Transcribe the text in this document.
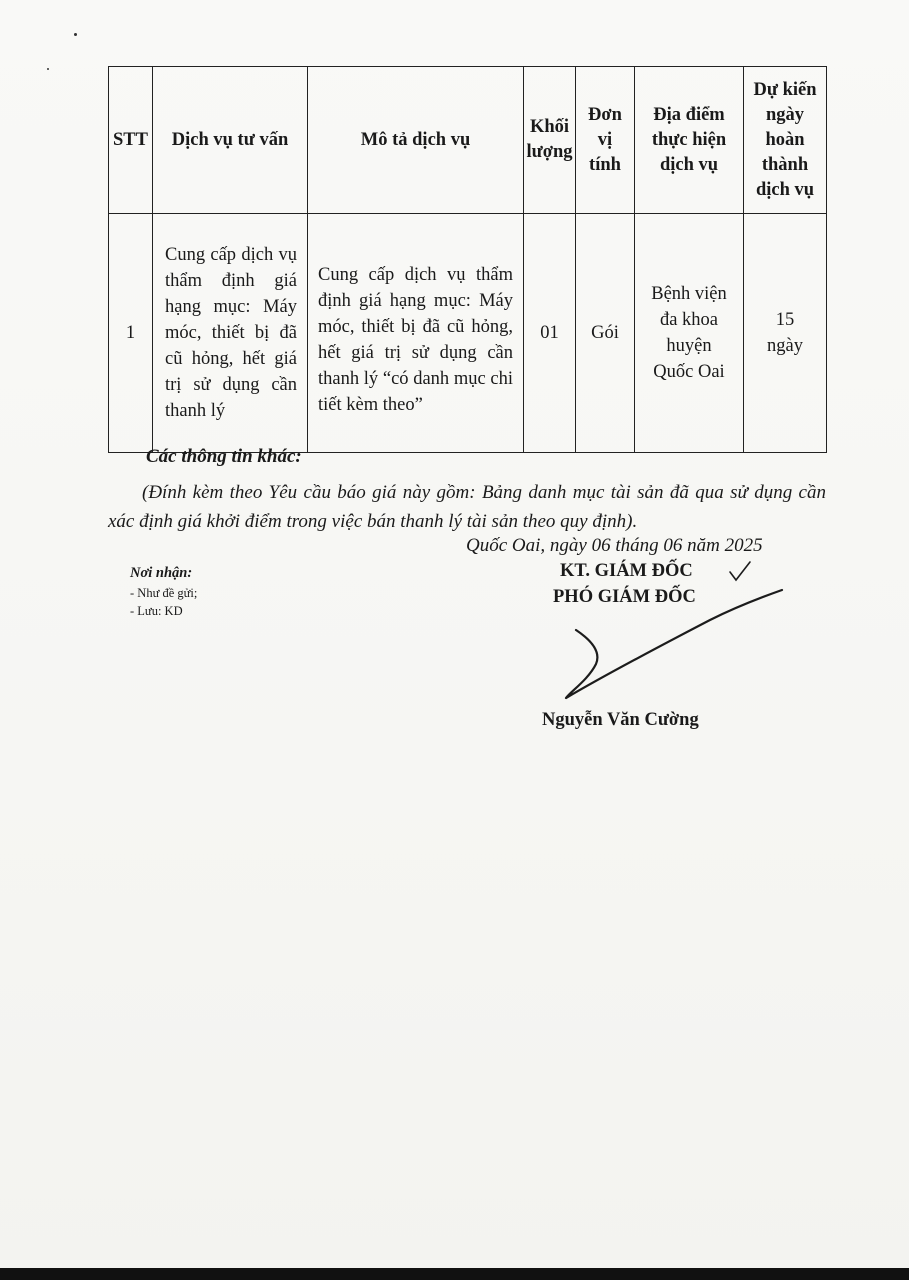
STT	Dịch vụ tư vấn	Mô tả dịch vụ	Khối lượng	Đơn vị tính	Địa điểm thực hiện dịch vụ	Dự kiến ngày hoàn thành dịch vụ
1	Cung cấp dịch vụ thẩm định giá hạng mục: Máy móc, thiết bị đã cũ hỏng, hết giá trị sử dụng cần thanh lý	Cung cấp dịch vụ thẩm định giá hạng mục: Máy móc, thiết bị đã cũ hỏng, hết giá trị sử dụng cần thanh lý “có danh mục chi tiết kèm theo”	01	Gói	Bệnh viện đa khoa huyện Quốc Oai	15 ngày
Các thông tin khác:
(Đính kèm theo Yêu cầu báo giá này gồm: Bảng danh mục tài sản đã qua sử dụng cần xác định giá khởi điểm trong việc bán thanh lý tài sản theo quy định).
Quốc Oai, ngày 06 tháng 06 năm 2025
KT. GIÁM ĐỐC
PHÓ GIÁM ĐỐC
Nơi nhận:
- Như đề gửi;
- Lưu: KD
Nguyễn Văn Cường
